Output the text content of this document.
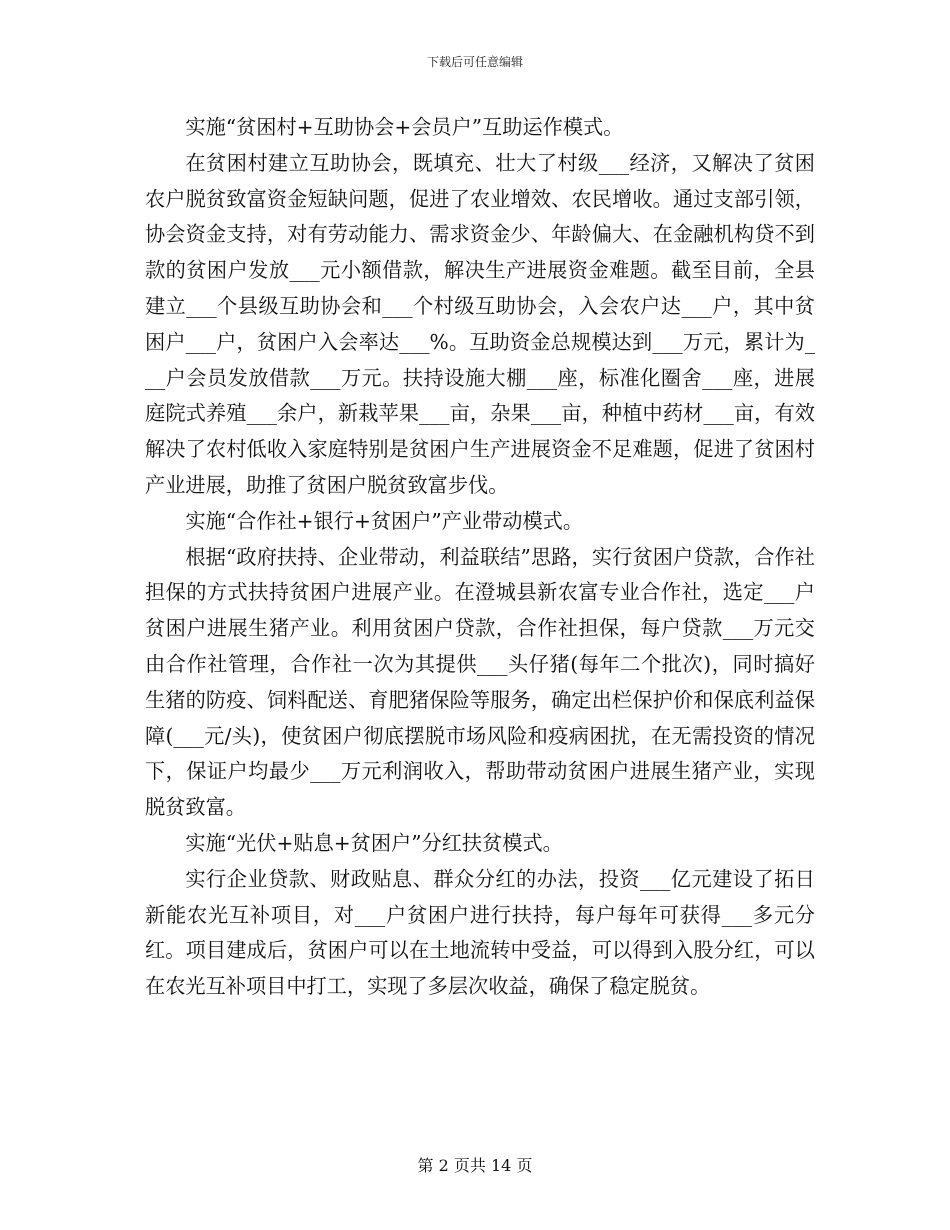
下载后可任意编辑

实施“贫困村+互助协会+会员户”互助运作模式。

在贫困村建立互助协会，既填充、壮大了村级___经济，又解决了贫困农户脱贫致富资金短缺问题，促进了农业增效、农民增收。通过支部引领，协会资金支持，对有劳动能力、需求资金少、年龄偏大、在金融机构贷不到款的贫困户发放___元小额借款，解决生产进展资金难题。截至目前，全县建立___个县级互助协会和___个村级互助协会，入会农户达___户，其中贫困户___户，贫困户入会率达___%。互助资金总规模达到___万元，累计为___户会员发放借款___万元。扶持设施大棚___座，标准化圈舍___座，进展庭院式养殖___余户，新栽苹果___亩，杂果___亩，种植中药材___亩，有效解决了农村低收入家庭特别是贫困户生产进展资金不足难题，促进了贫困村产业进展，助推了贫困户脱贫致富步伐。

实施“合作社+银行+贫困户”产业带动模式。

根据“政府扶持、企业带动，利益联结”思路，实行贫困户贷款，合作社担保的方式扶持贫困户进展产业。在澄城县新农富专业合作社，选定___户贫困户进展生猪产业。利用贫困户贷款，合作社担保，每户贷款___万元交由合作社管理，合作社一次为其提供___头仔猪(每年二个批次)，同时搞好生猪的防疫、饲料配送、育肥猪保险等服务，确定出栏保护价和保底利益保障(___元/头)，使贫困户彻底摆脱市场风险和疫病困扰，在无需投资的情况下，保证户均最少___万元利润收入，帮助带动贫困户进展生猪产业，实现脱贫致富。

实施“光伏+贴息+贫困户”分红扶贫模式。

实行企业贷款、财政贴息、群众分红的办法，投资___亿元建设了拓日新能农光互补项目，对___户贫困户进行扶持，每户每年可获得___多元分红。项目建成后，贫困户可以在土地流转中受益，可以得到入股分红，可以在农光互补项目中打工，实现了多层次收益，确保了稳定脱贫。

第 2 页共 14 页
